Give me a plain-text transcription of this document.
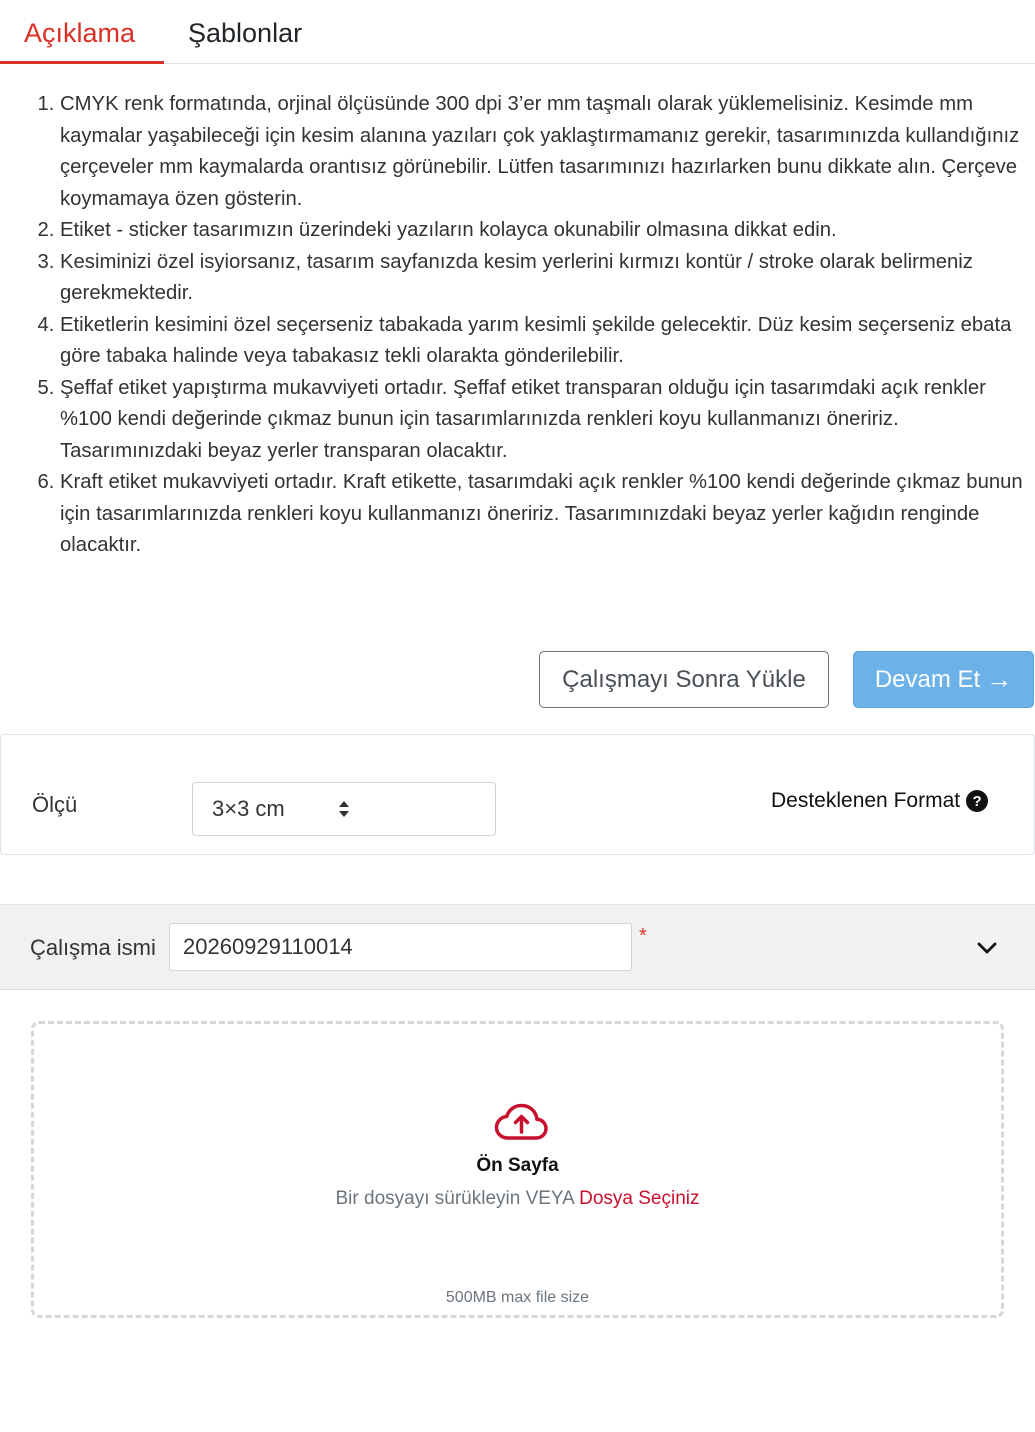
Açıklama Şablonlar
1. CMYK renk formatında, orjinal ölçüsünde 300 dpi 3’er mm taşmalı olarak yüklemelisiniz. Kesimde mm kaymalar yaşabileceği için kesim alanına yazıları çok yaklaştırmamanız gerekir, tasarımınızda kullandığınız çerçeveler mm kaymalarda orantısız görünebilir. Lütfen tasarımınızı hazırlarken bunu dikkate alın. Çerçeve koymamaya özen gösterin.
2. Etiket - sticker tasarımızın üzerindeki yazıların kolayca okunabilir olmasına dikkat edin.
3. Kesiminizi özel isyiorsanız, tasarım sayfanızda kesim yerlerini kırmızı kontür / stroke olarak belirmeniz gerekmektedir.
4. Etiketlerin kesimini özel seçerseniz tabakada yarım kesimli şekilde gelecektir. Düz kesim seçerseniz ebata göre tabaka halinde veya tabakasız tekli olarakta gönderilebilir.
5. Şeffaf etiket yapıştırma mukavviyeti ortadır. Şeffaf etiket transparan olduğu için tasarımdaki açık renkler %100 kendi değerinde çıkmaz bunun için tasarımlarınızda renkleri koyu kullanmanızı öneririz. Tasarımınızdaki beyaz yerler transparan olacaktır.
6. Kraft etiket mukavviyeti ortadır. Kraft etikette, tasarımdaki açık renkler %100 kendi değerinde çıkmaz bunun için tasarımlarınızda renkleri koyu kullanmanızı öneririz. Tasarımınızdaki beyaz yerler kağıdın renginde olacaktır.
Çalışmayı Sonra Yükle	Devam Et →
Ölçü	3×3 cm	Desteklenen Format ?
Çalışma ismi
20260929110014	*
Ön Sayfa
Bir dosyayı sürükleyin VEYA Dosya Seçiniz
500MB max file size
